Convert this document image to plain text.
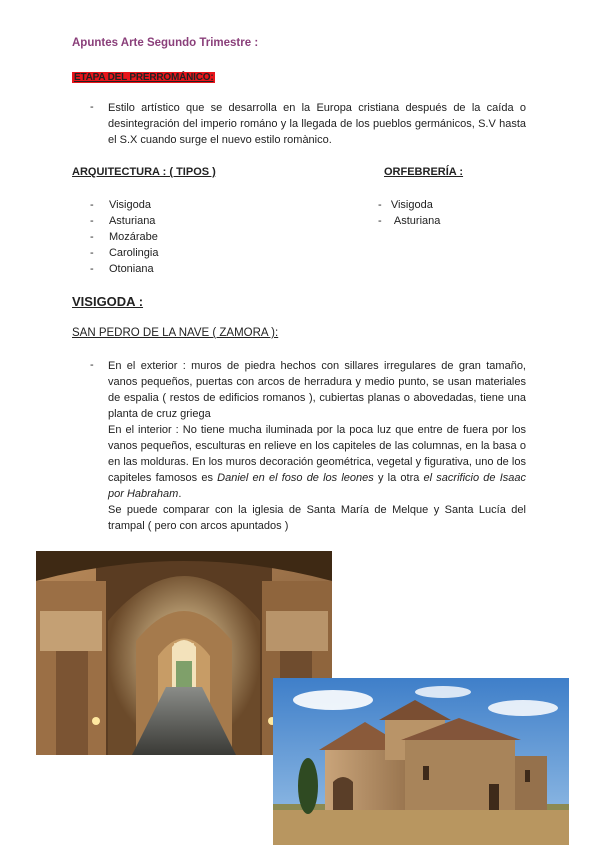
Apuntes Arte Segundo Trimestre :
ETAPA DEL PRERROMÁNICO:
- Estilo artístico que se desarrolla en la Europa cristiana después de la caída o desintegración del imperio románo y la llegada de los pueblos germánicos, S.V hasta el S.X cuando surge el nuevo estilo romànico.
ARQUITECTURA : ( TIPOS )	ORFEBRERÍA :
-     Visigoda
-     Asturiana
-     Mozárabe
-     Carolingia
-     Otoniana
-   Visigoda
-    Asturiana
VISIGODA :
SAN PEDRO DE LA NAVE ( ZAMORA ):
- En el exterior : muros de piedra hechos con sillares irregulares de gran tamaño, vanos pequeños, puertas con arcos de herradura y medio punto, se usan materiales de espalia ( restos de edificios romanos ), cubiertas planas o abovedadas, tiene una planta de cruz griega
En el interior : No tiene mucha iluminada por la poca luz que entre de fuera por los vanos pequeños, esculturas en relieve en los capiteles de las columnas, en la basa o en las molduras. En los muros decoración geométrica, vegetal y figurativa, uno de los capiteles famosos es Daniel en el foso de los leones y la otra el sacrificio de Isaac por Habraham.
Se puede comparar con la iglesia de Santa María de Melque y Santa Lucía del trampal ( pero con arcos apuntados )
